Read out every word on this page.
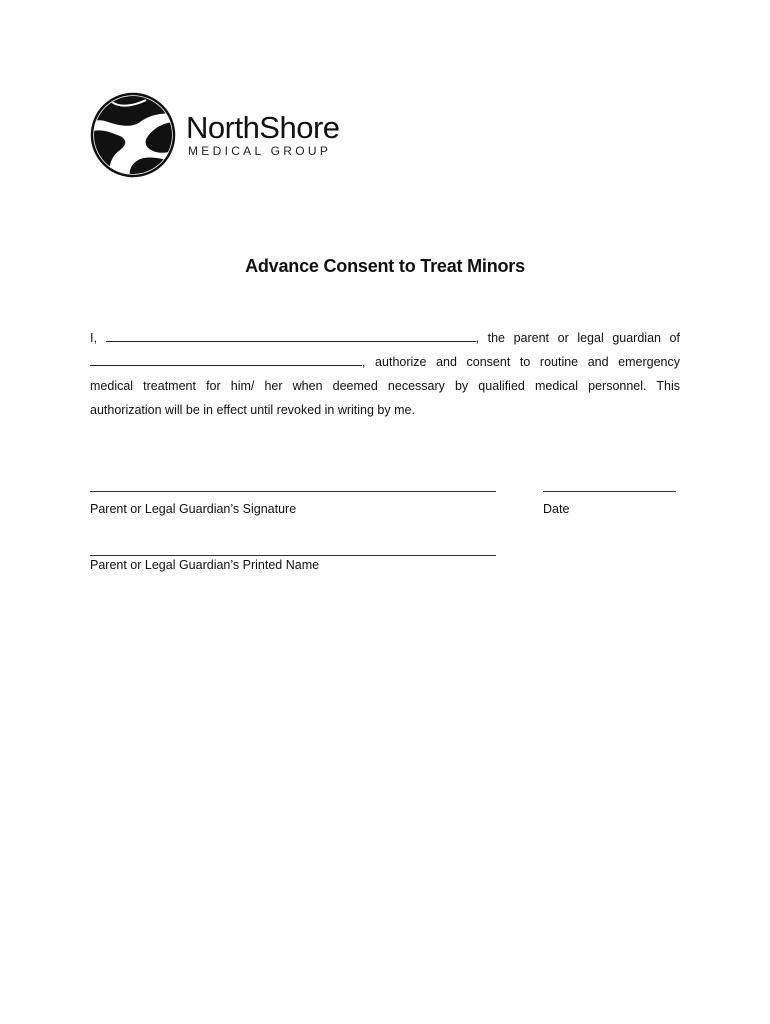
NorthShore
MEDICAL GROUP
Advance Consent to Treat Minors
I,	, the parent or legal guardian of
, authorize and consent to routine and emergency
medical treatment for him/ her when deemed necessary by qualified medical personnel. This
authorization will be in effect until revoked in writing by me.
Parent or Legal Guardian’s Signature	Date
Parent or Legal Guardian’s Printed Name
